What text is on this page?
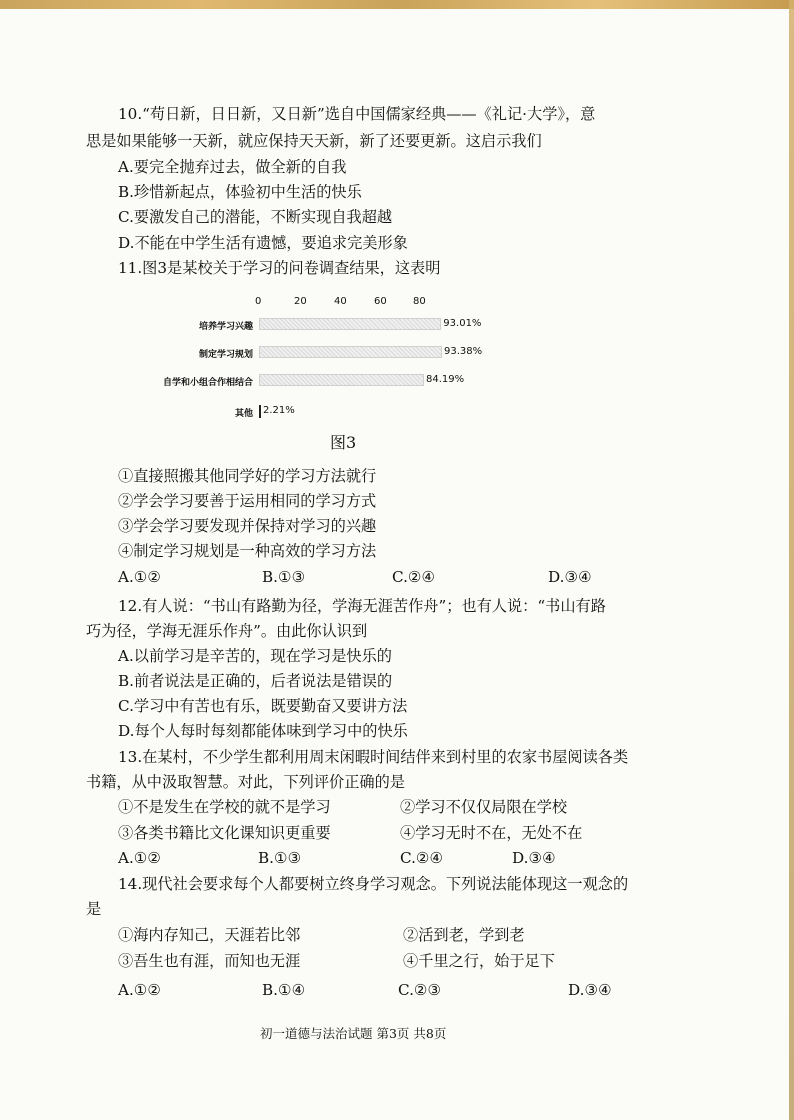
10.“苟日新，日日新，又日新”选自中国儒家经典——《礼记·大学》，意
思是如果能够一天新，就应保持天天新，新了还要更新。这启示我们
A.要完全抛弃过去，做全新的自我
B.珍惜新起点，体验初中生活的快乐
C.要激发自己的潜能，不断实现自我超越
D.不能在中学生活有遗憾，要追求完美形象
11.图3是某校关于学习的问卷调查结果，这表明
0	20	40	60	80
培养学习兴趣
制定学习规划
自学和小组合作相结合
其他
93.01%
93.38%
84.19%
2.21%
图3
①直接照搬其他同学好的学习方法就行
②学会学习要善于运用相同的学习方式
③学会学习要发现并保持对学习的兴趣
④制定学习规划是一种高效的学习方法
A.①②	B.①③	C.②④	D.③④
12.有人说：“书山有路勤为径，学海无涯苦作舟”；也有人说：“书山有路
巧为径，学海无涯乐作舟”。由此你认识到
A.以前学习是辛苦的，现在学习是快乐的
B.前者说法是正确的，后者说法是错误的
C.学习中有苦也有乐，既要勤奋又要讲方法
D.每个人每时每刻都能体味到学习中的快乐
13.在某村，不少学生都利用周末闲暇时间结伴来到村里的农家书屋阅读各类
书籍，从中汲取智慧。对此，下列评价正确的是
①不是发生在学校的就不是学习	②学习不仅仅局限在学校
③各类书籍比文化课知识更重要	④学习无时不在，无处不在
A.①②	B.①③	C.②④	D.③④
14.现代社会要求每个人都要树立终身学习观念。下列说法能体现这一观念的
是
①海内存知己，天涯若比邻	②活到老，学到老
③吾生也有涯，而知也无涯	④千里之行，始于足下
A.①②	B.①④	C.②③	D.③④
初一道德与法治试题 第3页 共8页
